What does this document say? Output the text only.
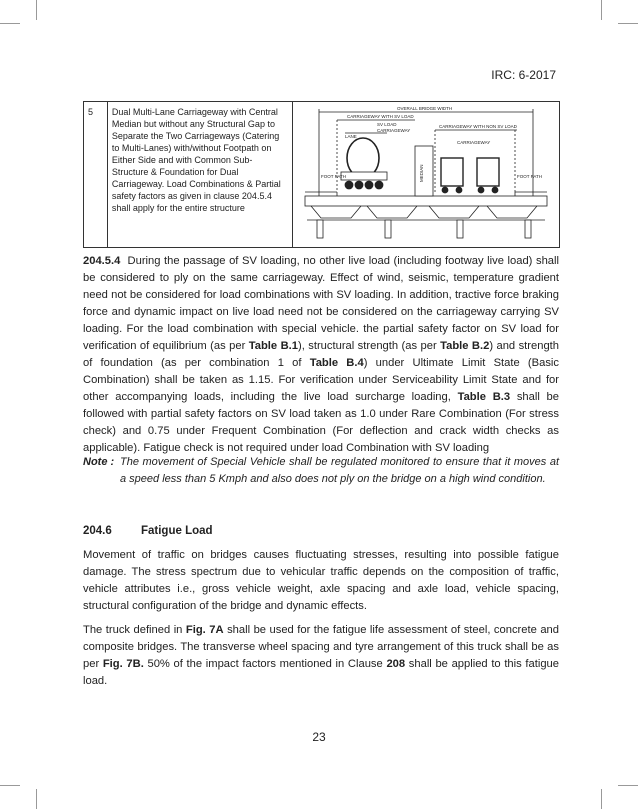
IRC: 6-2017
5	Dual Multi-Lane Carriageway with Central Median but without any Structural Gap to Separate the Two Carriageways (Catering to Multi-Lanes) with/without Footpath on Either Side and with Common Sub-Structure & Foundation for Dual Carriageway. Load Combinations & Partial safety factors as given in clause 204.5.4 shall apply for the entire structure	
OVERALL BRIDGE WIDTH
CARRIAGEWAY WITH SV LOAD
SV LOAD
LANE
CARRIAGEWAY
CARRIAGEWAY WITH NON SV LOAD
CARRIAGEWAY
FOOT PATH	FOOT PATH
MEDIAN

204.5.4 During the passage of SV loading, no other live load (including footway live load) shall be considered to ply on the same carriageway. Effect of wind, seismic, temperature gradient need not be considered for load combinations with SV loading. In addition, tractive force braking force and dynamic impact on live load need not be considered on the carriageway carrying SV loading. For the load combination with special vehicle. the partial safety factor on SV load for verification of equilibrium (as per Table B.1), structural strength (as per Table B.2) and strength of foundation (as per combination 1 of Table B.4) under Ultimate Limit State (Basic Combination) shall be taken as 1.15. For verification under Serviceability Limit State and for other accompanying loads, including the live load surcharge loading, Table B.3 shall be followed with partial safety factors on SV load taken as 1.0 under Rare Combination (For stress check) and 0.75 under Frequent Combination (For deflection and crack width checks as applicable). Fatigue check is not required under load Combination with SV loading

Note : The movement of Special Vehicle shall be regulated monitored to ensure that it moves at a speed less than 5 Kmph and also does not ply on the bridge on a high wind condition.
204.6	Fatigue Load

Movement of traffic on bridges causes fluctuating stresses, resulting into possible fatigue damage. The stress spectrum due to vehicular traffic depends on the composition of traffic, vehicle attributes i.e., gross vehicle weight, axle spacing and axle load, vehicle spacing, structural configuration of the bridge and dynamic effects.

The truck defined in Fig. 7A shall be used for the fatigue life assessment of steel, concrete and composite bridges. The transverse wheel spacing and tyre arrangement of this truck shall be as per Fig. 7B. 50% of the impact factors mentioned in Clause 208 shall be applied to this fatigue load.

23
